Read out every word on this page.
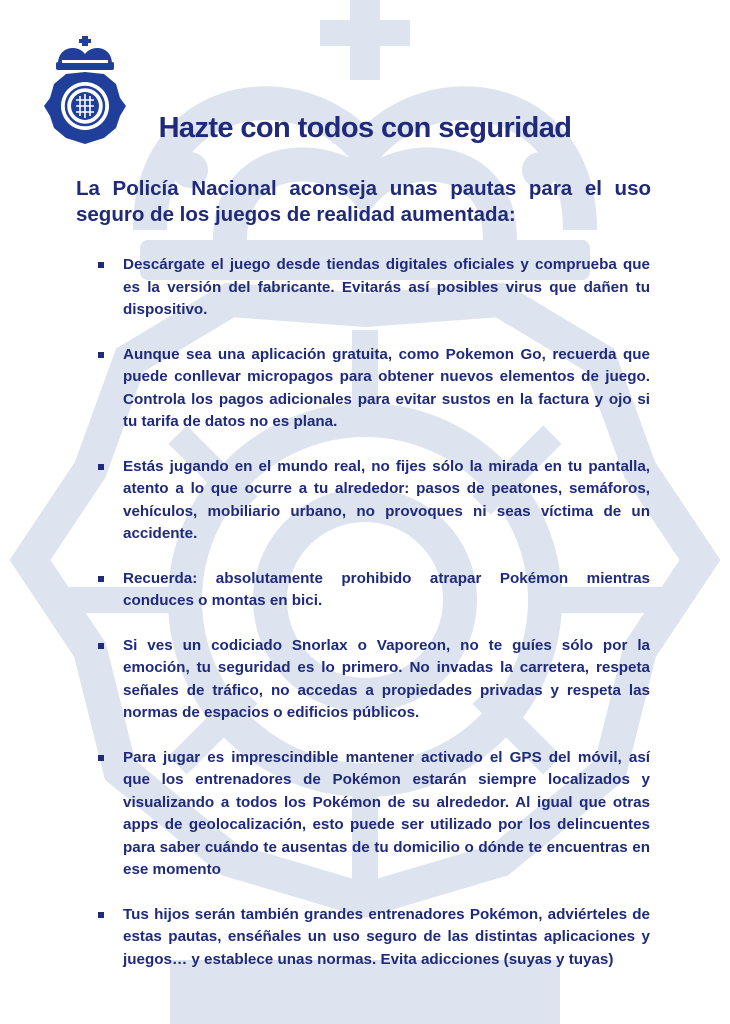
Hazte con todos con seguridad
La Policía Nacional aconseja unas pautas para el uso seguro de los juegos de realidad aumentada:
Descárgate el juego desde tiendas digitales oficiales y comprueba que es la versión del fabricante. Evitarás así posibles virus que dañen tu dispositivo.
Aunque sea una aplicación gratuita, como Pokemon Go, recuerda que puede conllevar micropagos para obtener nuevos elementos de juego. Controla los pagos adicionales para evitar sustos en la factura y ojo si tu tarifa de datos no es plana.
Estás jugando en el mundo real, no fijes sólo la mirada en tu pantalla, atento a lo que ocurre a tu alrededor: pasos de peatones, semáforos, vehículos, mobiliario urbano, no provoques ni seas víctima de un accidente.
Recuerda: absolutamente prohibido atrapar Pokémon mientras conduces o montas en bici.
Si ves un codiciado Snorlax o Vaporeon, no te guíes sólo por la emoción, tu seguridad es lo primero. No invadas la carretera, respeta señales de tráfico, no accedas a propiedades privadas y respeta las normas de espacios o edificios públicos.
Para jugar es imprescindible mantener activado el GPS del móvil, así que los entrenadores de Pokémon estarán siempre localizados y visualizando a todos los Pokémon de su alrededor. Al igual que otras apps de geolocalización, esto puede ser utilizado por los delincuentes para saber cuándo te ausentas de tu domicilio o dónde te encuentras en ese momento
Tus hijos serán también grandes entrenadores Pokémon, adviérteles de estas pautas, enséñales un uso seguro de las distintas aplicaciones y juegos… y establece unas normas. Evita adicciones (suyas y tuyas)
